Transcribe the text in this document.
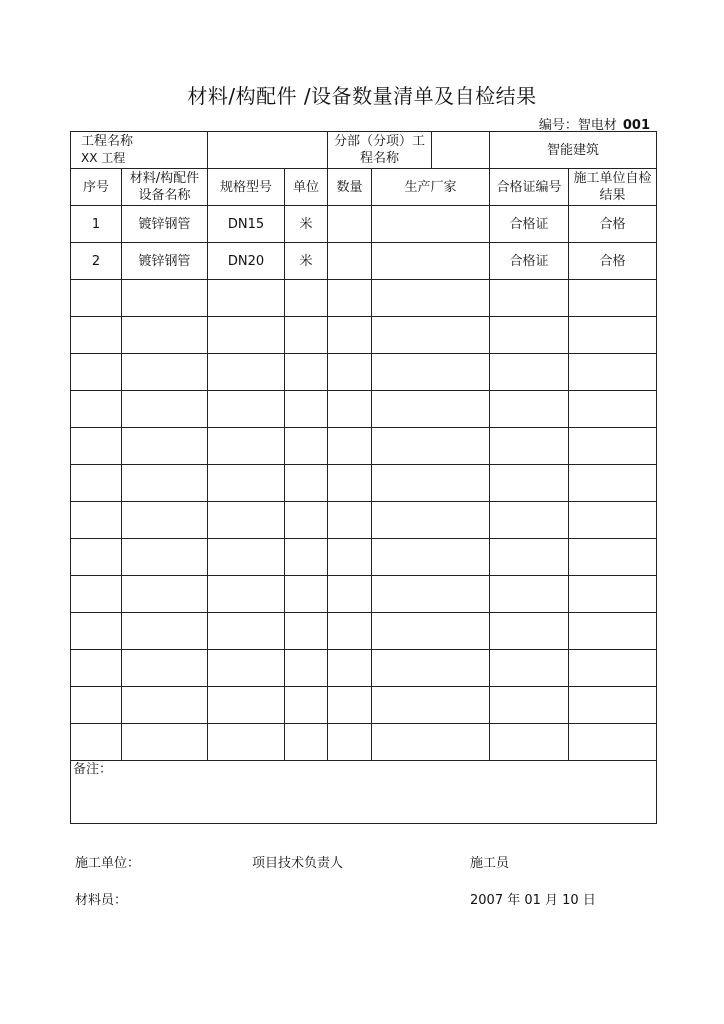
材料/构配件 /设备数量清单及自检结果
编号：智电材 001
工程名称  XX 工程				分部（分项）工程名称		智能建筑	
序号	材料/构配件设备名称	规格型号	单位	数量	生产厂家	合格证编号	施工单位自检结果
1	镀锌钢管	DN15	米			合格证	合格
2	镀锌钢管	DN20	米			合格证	合格

备注：							
施工单位：	项目技术负责人	施工员
材料员：	2007 年 01 月 10 日
